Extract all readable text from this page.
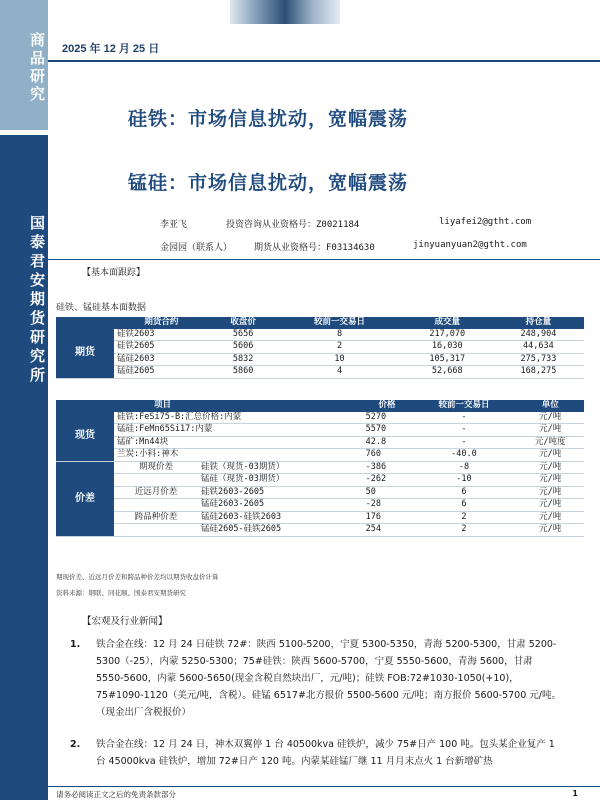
商品研究
国泰君安期货研究所
2025 年 12 月 25 日
硅铁：市场信息扰动，宽幅震荡
锰硅：市场信息扰动，宽幅震荡
李亚飞	投资咨询从业资格号：Z0021184	liyafei2@gtht.com
金园园（联系人） 期货从业资格号：F03134630	jinyuanyuan2@gtht.com
【基本面跟踪】
硅铁、锰硅基本面数据
	期货合约	收盘价	较前一交易日	成交量	持仓量
期货	硅铁2603	5656	8	217,070	248,904
	硅铁2605	5606	2	16,030	44,634
	锰硅2603	5832	10	105,317	275,733
	锰硅2605	5860	4	52,668	168,275
	项目		价格	较前一交易日	单位
现货	硅铁:FeSi75-B:汇总价格:内蒙		5270	-	元/吨
	锰硅:FeMn65Si17:内蒙		5570	-	元/吨
	锰矿:Mn44块		42.8	-	元/吨度
	兰炭:小料:神木		760	-40.0	元/吨
价差	期现价差	硅铁（现货-03期货）	-386	-8	元/吨
		锰硅（现货-03期货）	-262	-10	元/吨
	近远月价差	硅铁2603-2605	50	6	元/吨
		锰硅2603-2605	-28	6	元/吨
	跨品种价差	锰硅2603-硅铁2603	176	2	元/吨
		锰硅2605-硅铁2605	254	2	元/吨
期现价差、近远月价差和跨品种价差均以期货收盘价计算
资料来源：钢联、同花顺、国泰君安期货研究
【宏观及行业新闻】
1. 铁合金在线：12 月 24 日硅铁 72#：陕西 5100-5200，宁夏 5300-5350，青海 5200-5300，甘肃 5200-5300（-25），内蒙 5250-5300；75#硅铁：陕西 5600-5700，宁夏 5550-5600，青海 5600，甘肃 5550-5600，内蒙 5600-5650(现金含税自然块出厂，元/吨)；硅铁 FOB:72#1030-1050(+10)，75#1090-1120（美元/吨，含税）。硅锰 6517#北方报价 5500-5600 元/吨；南方报价 5600-5700 元/吨。（现金出厂含税报价）
2. 铁合金在线：12 月 24 日，神木双翼停 1 台 40500kva 硅铁炉，减少 75#日产 100 吨。包头某企业复产 1 台 45000kva 硅铁炉，增加 72#日产 120 吨。内蒙某硅锰厂继 11 月月末点火 1 台新增矿热
请务必阅读正文之后的免责条款部分	1
